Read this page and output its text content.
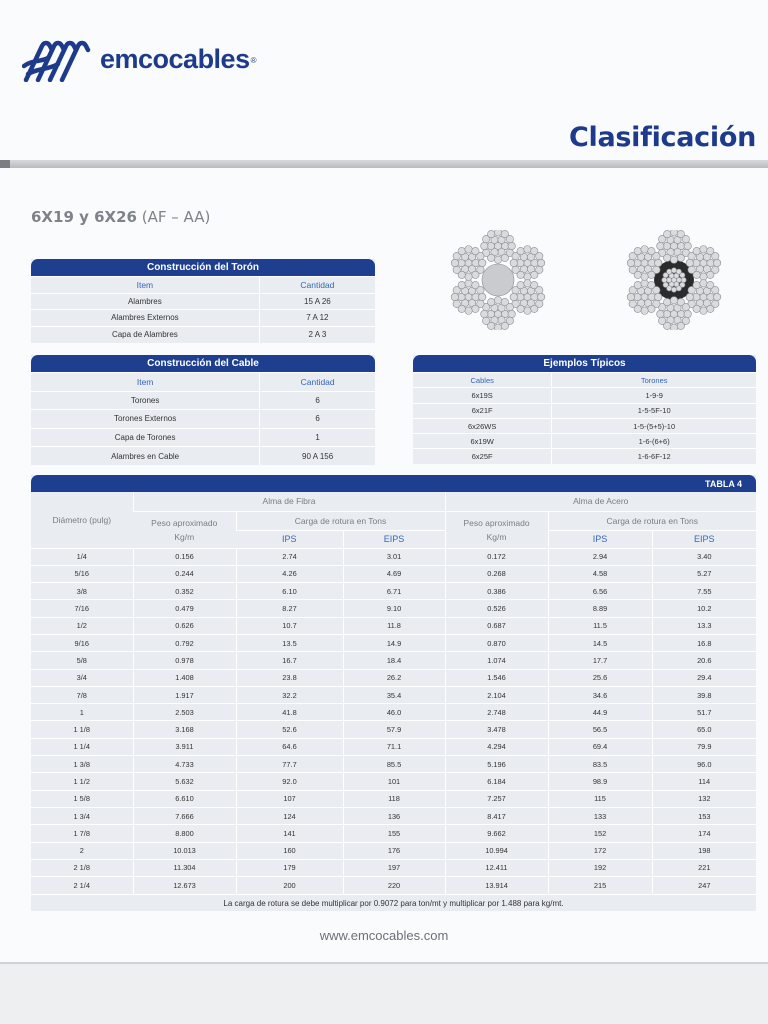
emcocables®
Clasificación
6X19 y 6X26 (AF – AA)
Construcción del Torón
Item	Cantidad
Alambres	15 A 26
Alambres Externos	7 A 12
Capa de Alambres	2 A 3
Construcción del Cable
Item	Cantidad
Torones	6
Torones Externos	6
Capa de Torones	1
Alambres en Cable	90 A 156
Ejemplos Típicos
Cables	Torones
6x19S	1-9-9
6x21F	1-5-5F-10
6x26WS	1-5-(5+5)-10
6x19W	1-6-(6+6)
6x25F	1-6-6F-12
TABLA 4
Diámetro (pulg)	Alma de Fibra			Alma de Acero		
	Peso aproximado Kg/m	Carga de rotura en Tons		Peso aproximado Kg/m	Carga de rotura en Tons	
		IPS	EIPS		IPS	EIPS
1/4	0.156	2.74	3.01	0.172	2.94	3.40
5/16	0.244	4.26	4.69	0.268	4.58	5.27
3/8	0.352	6.10	6.71	0.386	6.56	7.55
7/16	0.479	8.27	9.10	0.526	8.89	10.2
1/2	0.626	10.7	11.8	0.687	11.5	13.3
9/16	0.792	13.5	14.9	0.870	14.5	16.8
5/8	0.978	16.7	18.4	1.074	17.7	20.6
3/4	1.408	23.8	26.2	1.546	25.6	29.4
7/8	1.917	32.2	35.4	2.104	34.6	39.8
1	2.503	41.8	46.0	2.748	44.9	51.7
1 1/8	3.168	52.6	57.9	3.478	56.5	65.0
1 1/4	3.911	64.6	71.1	4.294	69.4	79.9
1 3/8	4.733	77.7	85.5	5.196	83.5	96.0
1 1/2	5.632	92.0	101	6.184	98.9	114
1 5/8	6.610	107	118	7.257	115	132
1 3/4	7.666	124	136	8.417	133	153
1 7/8	8.800	141	155	9.662	152	174
2	10.013	160	176	10.994	172	198
2 1/8	11.304	179	197	12.411	192	221
2 1/4	12.673	200	220	13.914	215	247
La carga de rotura se debe multiplicar por 0.9072 para ton/mt y multiplicar por 1.488 para kg/mt.
www.emcocables.com
